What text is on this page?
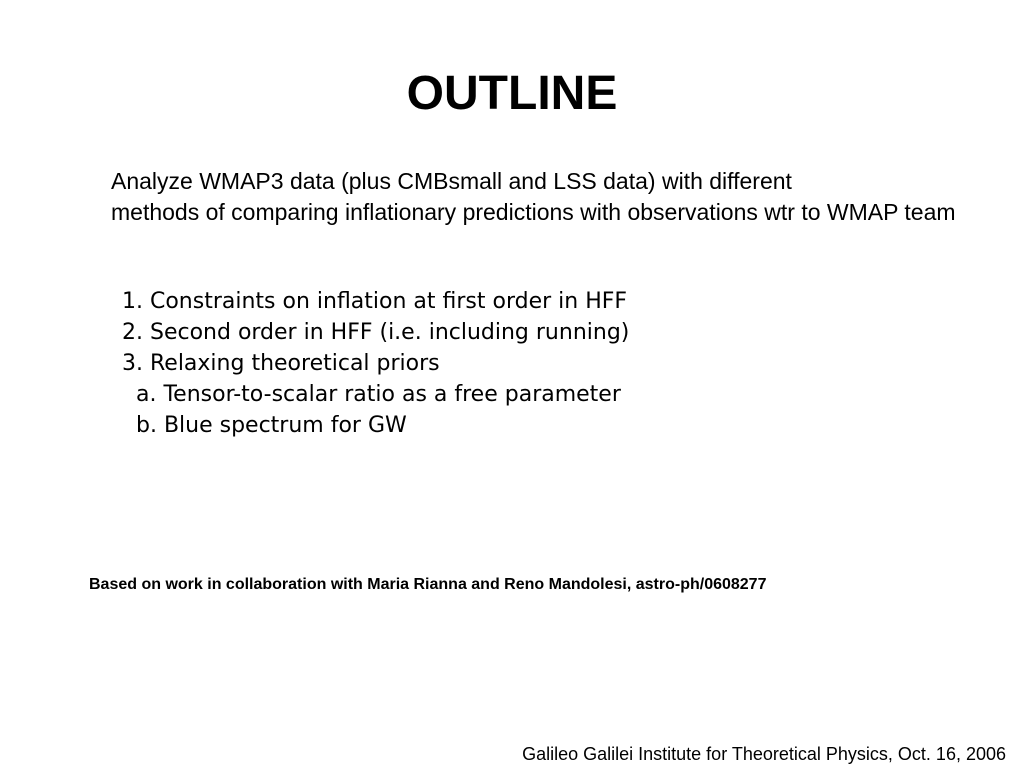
OUTLINE
Analyze WMAP3 data (plus CMBsmall and LSS data) with different
methods of comparing inflationary predictions with observations wtr to WMAP team
1. Constraints on inflation at first order in HFF
2. Second order in HFF (i.e. including running)
3. Relaxing theoretical priors
a. Tensor-to-scalar ratio as a free parameter
b. Blue spectrum for GW
Based on work in collaboration with Maria Rianna and Reno Mandolesi, astro-ph/0608277
Galileo Galilei Institute for Theoretical Physics, Oct. 16, 2006
